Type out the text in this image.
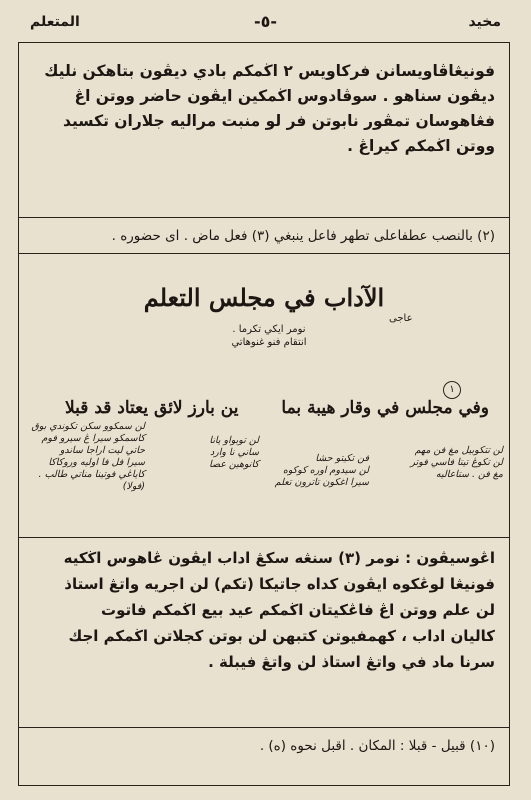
مخيد
-٥-
المتعلم
فونيڠاڤاويسانن فركاويس ٢ اڬمكم بادي ديڤون بتاهكن نليك
ديڤون سناهو . سوڤادوس اڬمكين ايڤون حاضر ووتن اڠ
فڠاهوسان تمڤور نابوتن فر لو منبت مراليه جلاران تكسيد
ووتن اڬمكم كيراڠ .
(٢) بالنصب عطفاعلى تطهر فاعل ينبغي (٣) فعل ماض . اى حضوره .
الآداب في مجلس التعلم
نومر ايكي تكرما .
انتقام فنو غنوهاتي
عاجى
١
وفي مجلس في وقار هيبة بما
ين بارز لائق يعتاد قد قبلا
لن سمكوو سكن تكوندي بوق
كاسمكو سيرا ڠ سيرو فوم
حاتي ليت اراجا ساندو
سيرا فل فا اوليه وروكاكا
كاياڠي فوتينا مناتي طالب .
(فولا)
لن توبواو يانا
ساني نا وارد
كانوهين عصا
فن تكيتو حشا
لن سيدوم اوره كوكوه
سيرا اغكون تاترون تعلم
لن تتكوبيل مغ فن مهم
لن تكوڠ تيتا فاسي فوتر
مغ فن . ستاعاليه
اڠوسيڤون : نومر (٣) سنڠه سكڠ اداب ايڤون ڠاهوس اڬكيه
فونيڠا لوڠكوه ايڤون كداه جاتيكا (تكم) لن اجريه واتڠ استاذ
لن علم ووتن اڠ فاڠكيتان اڬمكم عيد بيع اڬمكم فاتوت
كاليان اداب ، كهمفيوتن كتبهن لن بوتن كجلاتن اڬمكم اجك
سرنا ماد في واتڠ استاذ لن واتڠ فيبلة .
(١٠) قبيل - قبلا : المكان . اقبل نحوه (ه) .
